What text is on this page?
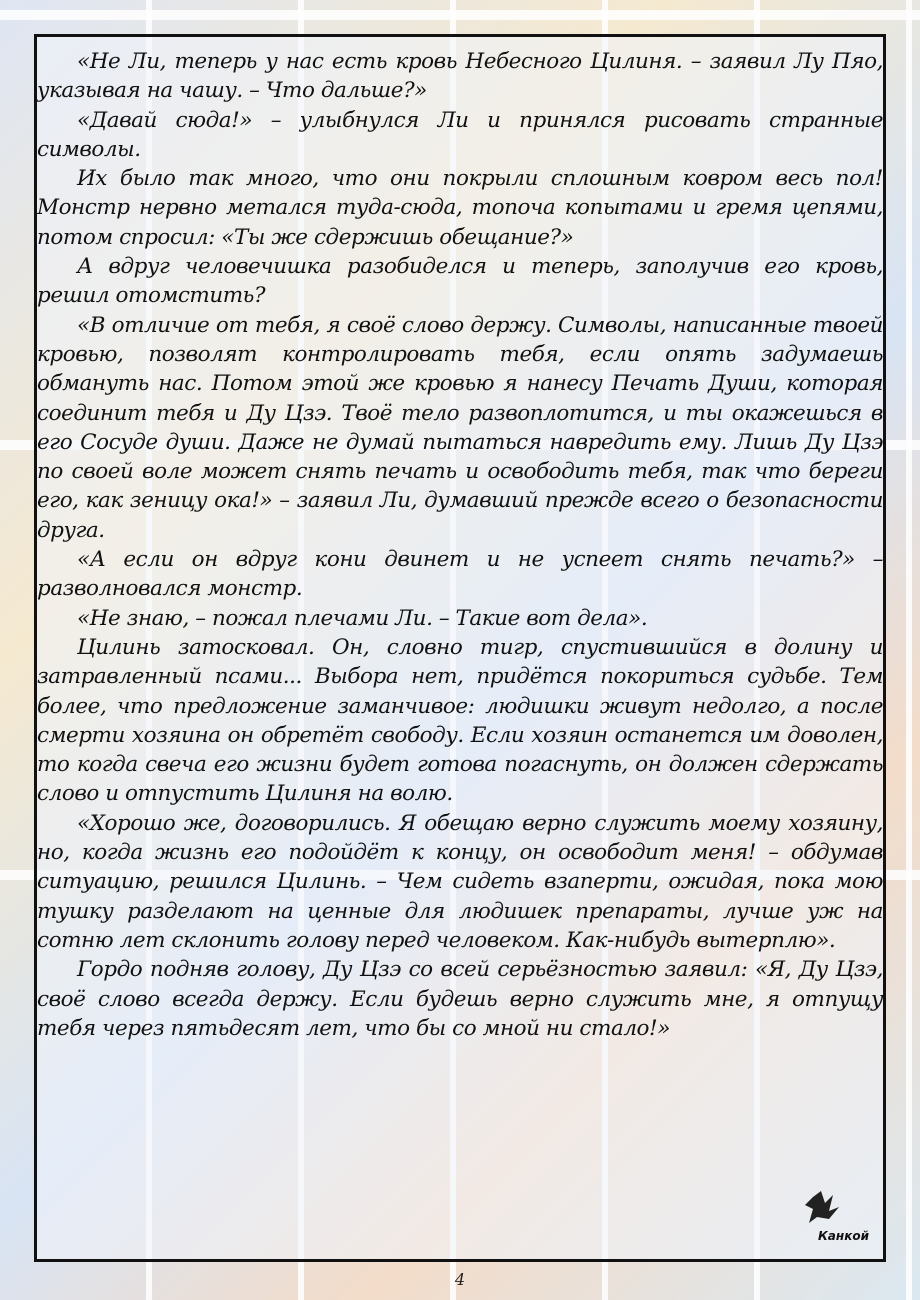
«Не Ли, теперь у нас есть кровь Небесного Цилиня. – заявил Лу Пяо, указывая на чашу. – Что дальше?»

«Давай сюда!» – улыбнулся Ли и принялся рисовать странные символы.

Их было так много, что они покрыли сплошным ковром весь пол! Монстр нервно метался туда-сюда, топоча копытами и гремя цепями, потом спросил: «Ты же сдержишь обещание?»

А вдруг человечишка разобиделся и теперь, заполучив его кровь, решил отомстить?

«В отличие от тебя, я своё слово держу. Символы, написанные твоей кровью, позволят контролировать тебя, если опять задумаешь обмануть нас. Потом этой же кровью я нанесу Печать Души, которая соединит тебя и Ду Цзэ. Твоё тело развоплотится, и ты окажешься в его Сосуде души. Даже не думай пытаться навредить ему. Лишь Ду Цзэ по своей воле может снять печать и освободить тебя, так что береги его, как зеницу ока!» – заявил Ли, думавший прежде всего о безопасности друга.

«А если он вдруг кони двинет и не успеет снять печать?» – разволновался монстр.

«Не знаю, – пожал плечами Ли. – Такие вот дела».

Цилинь затосковал. Он, словно тигр, спустившийся в долину и затравленный псами... Выбора нет, придётся покориться судьбе. Тем более, что предложение заманчивое: людишки живут недолго, а после смерти хозяина он обретёт свободу. Если хозяин останется им доволен, то когда свеча его жизни будет готова погаснуть, он должен сдержать слово и отпустить Цилиня на волю.

«Хорошо же, договорились. Я обещаю верно служить моему хозяину, но, когда жизнь его подойдёт к концу, он освободит меня! – обдумав ситуацию, решился Цилинь. – Чем сидеть взаперти, ожидая, пока мою тушку разделают на ценные для людишек препараты, лучше уж на сотню лет склонить голову перед человеком. Как-нибудь вытерплю».

Гордо подняв голову, Ду Цзэ со всей серьёзностью заявил: «Я, Ду Цзэ, своё слово всегда держу. Если будешь верно служить мне, я отпущу тебя через пятьдесят лет, что бы со мной ни стало!»

Канкой
4
